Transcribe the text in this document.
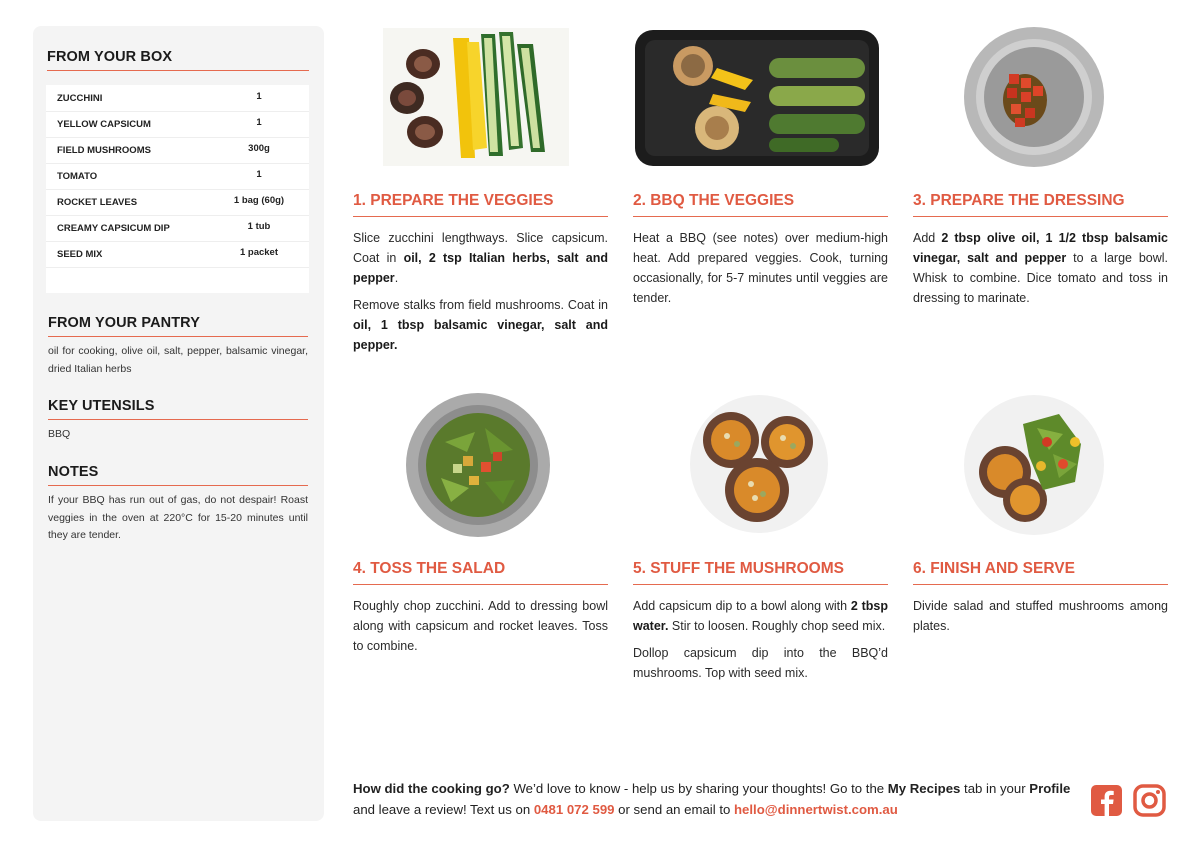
FROM YOUR BOX
ZUCCHINI	1
YELLOW CAPSICUM	1
FIELD MUSHROOMS	300g
TOMATO	1
ROCKET LEAVES	1 bag (60g)
CREAMY CAPSICUM DIP	1 tub
SEED MIX	1 packet
FROM YOUR PANTRY
oil for cooking, olive oil, salt, pepper, balsamic vinegar, dried Italian herbs
KEY UTENSILS
BBQ
NOTES
If your BBQ has run out of gas, do not despair! Roast veggies in the oven at 220°C for 15-20 minutes until they are tender.
1. PREPARE THE VEGGIES

Slice zucchini lengthways. Slice capsicum. Coat in oil, 2 tsp Italian herbs, salt and pepper.

Remove stalks from field mushrooms. Coat in oil, 1 tbsp balsamic vinegar, salt and pepper.

2. BBQ THE VEGGIES

Heat a BBQ (see notes) over medium-high heat. Add prepared veggies. Cook, turning occasionally, for 5-7 minutes until veggies are tender.

3. PREPARE THE DRESSING

Add 2 tbsp olive oil, 1 1/2 tbsp balsamic vinegar, salt and pepper to a large bowl. Whisk to combine. Dice tomato and toss in dressing to marinate.

4. TOSS THE SALAD

Roughly chop zucchini. Add to dressing bowl along with capsicum and rocket leaves. Toss to combine.

5. STUFF THE MUSHROOMS

Add capsicum dip to a bowl along with 2 tbsp water. Stir to loosen. Roughly chop seed mix.

Dollop capsicum dip into the BBQ’d mushrooms. Top with seed mix.

6. FINISH AND SERVE

Divide salad and stuffed mushrooms among plates.

How did the cooking go? We’d love to know - help us by sharing your thoughts! Go to the My Recipes tab in your Profile and leave a review! Text us on 0481 072 599 or send an email to hello@dinnertwist.com.au
